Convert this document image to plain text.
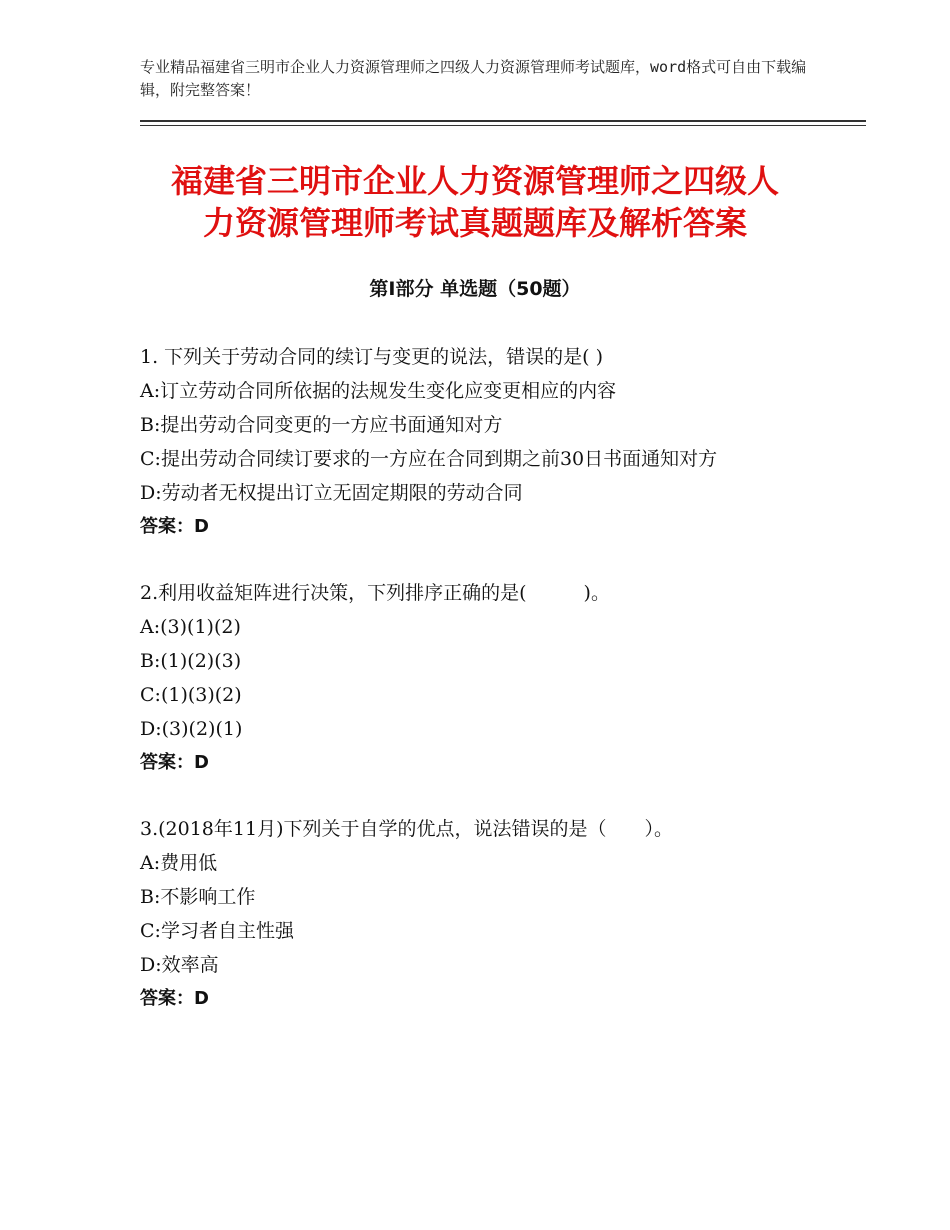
专业精品福建省三明市企业人力资源管理师之四级人力资源管理师考试题库，word格式可自由下载编辑，附完整答案！
福建省三明市企业人力资源管理师之四级人
力资源管理师考试真题题库及解析答案
第Ⅰ部分 单选题（50题）
1. 下列关于劳动合同的续订与变更的说法，错误的是( )
A:订立劳动合同所依据的法规发生变化应变更相应的内容
B:提出劳动合同变更的一方应书面通知对方
C:提出劳动合同续订要求的一方应在合同到期之前30日书面通知对方
D:劳动者无权提出订立无固定期限的劳动合同
答案：D
2.利用收益矩阵进行决策，下列排序正确的是(　　　)。
A:(3)(1)(2)
B:(1)(2)(3)
C:(1)(3)(2)
D:(3)(2)(1)
答案：D
3.(2018年11月)下列关于自学的优点，说法错误的是（　　）。
A:费用低
B:不影响工作
C:学习者自主性强
D:效率高
答案：D
